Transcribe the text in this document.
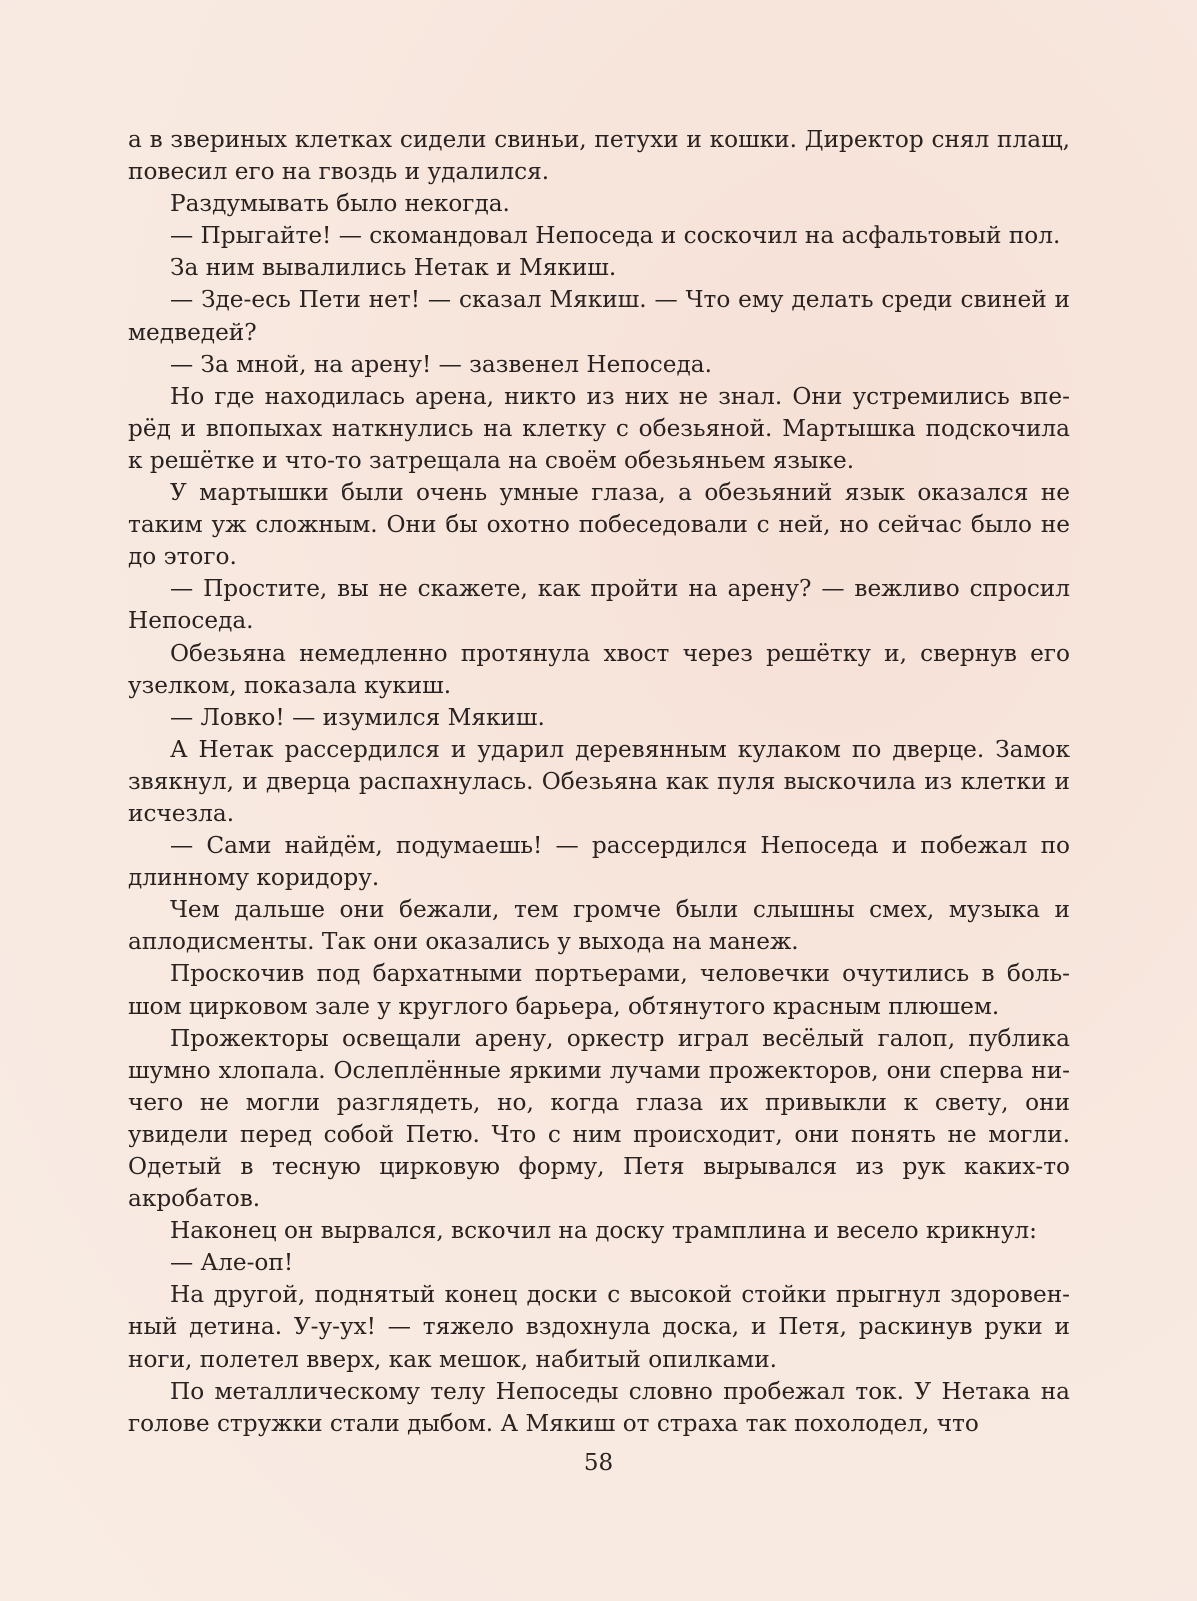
а в звериных клетках сидели свиньи, петухи и кошки. Директор снял плащ, повесил его на гвоздь и удалился.

Раздумывать было некогда.

— Прыгайте! — скомандовал Непоседа и соскочил на асфальтовый пол.

За ним вывалились Нетак и Мякиш.

— Зде-есь Пети нет! — сказал Мякиш. — Что ему делать среди свиней и медведей?

— За мной, на арену! — зазвенел Непоседа.

Но где находилась арена, никто из них не знал. Они устремились вперёд и впопыхах наткнулись на клетку с обезьяной. Мартышка подскочила к решётке и что-то затрещала на своём обезьяньем языке.

У мартышки были очень умные глаза, а обезьяний язык оказался не таким уж сложным. Они бы охотно побеседовали с ней, но сейчас было не до этого.

— Простите, вы не скажете, как пройти на арену? — вежливо спросил Непоседа.

Обезьяна немедленно протянула хвост через решётку и, свернув его узелком, показала кукиш.

— Ловко! — изумился Мякиш.

А Нетак рассердился и ударил деревянным кулаком по дверце. Замок звякнул, и дверца распахнулась. Обезьяна как пуля выскочила из клетки и исчезла.

— Сами найдём, подумаешь! — рассердился Непоседа и побежал по длинному коридору.

Чем дальше они бежали, тем громче были слышны смех, музыка и аплодисменты. Так они оказались у выхода на манеж.

Проскочив под бархатными портьерами, человечки очутились в большом цирковом зале у круглого барьера, обтянутого красным плюшем.

Прожекторы освещали арену, оркестр играл весёлый галоп, публика шумно хлопала. Ослеплённые яркими лучами прожекторов, они сперва ничего не могли разглядеть, но, когда глаза их привыкли к свету, они увидели перед собой Петю. Что с ним происходит, они понять не могли. Одетый в тесную цирковую форму, Петя вырывался из рук каких-то акробатов.

Наконец он вырвался, вскочил на доску трамплина и весело крикнул:

— Але-оп!

На другой, поднятый конец доски с высокой стойки прыгнул здоровенный детина. У-у-ух! — тяжело вздохнула доска, и Петя, раскинув руки и ноги, полетел вверх, как мешок, набитый опилками.

По металлическому телу Непоседы словно пробежал ток. У Нетака на голове стружки стали дыбом. А Мякиш от страха так похолодел, что

58
